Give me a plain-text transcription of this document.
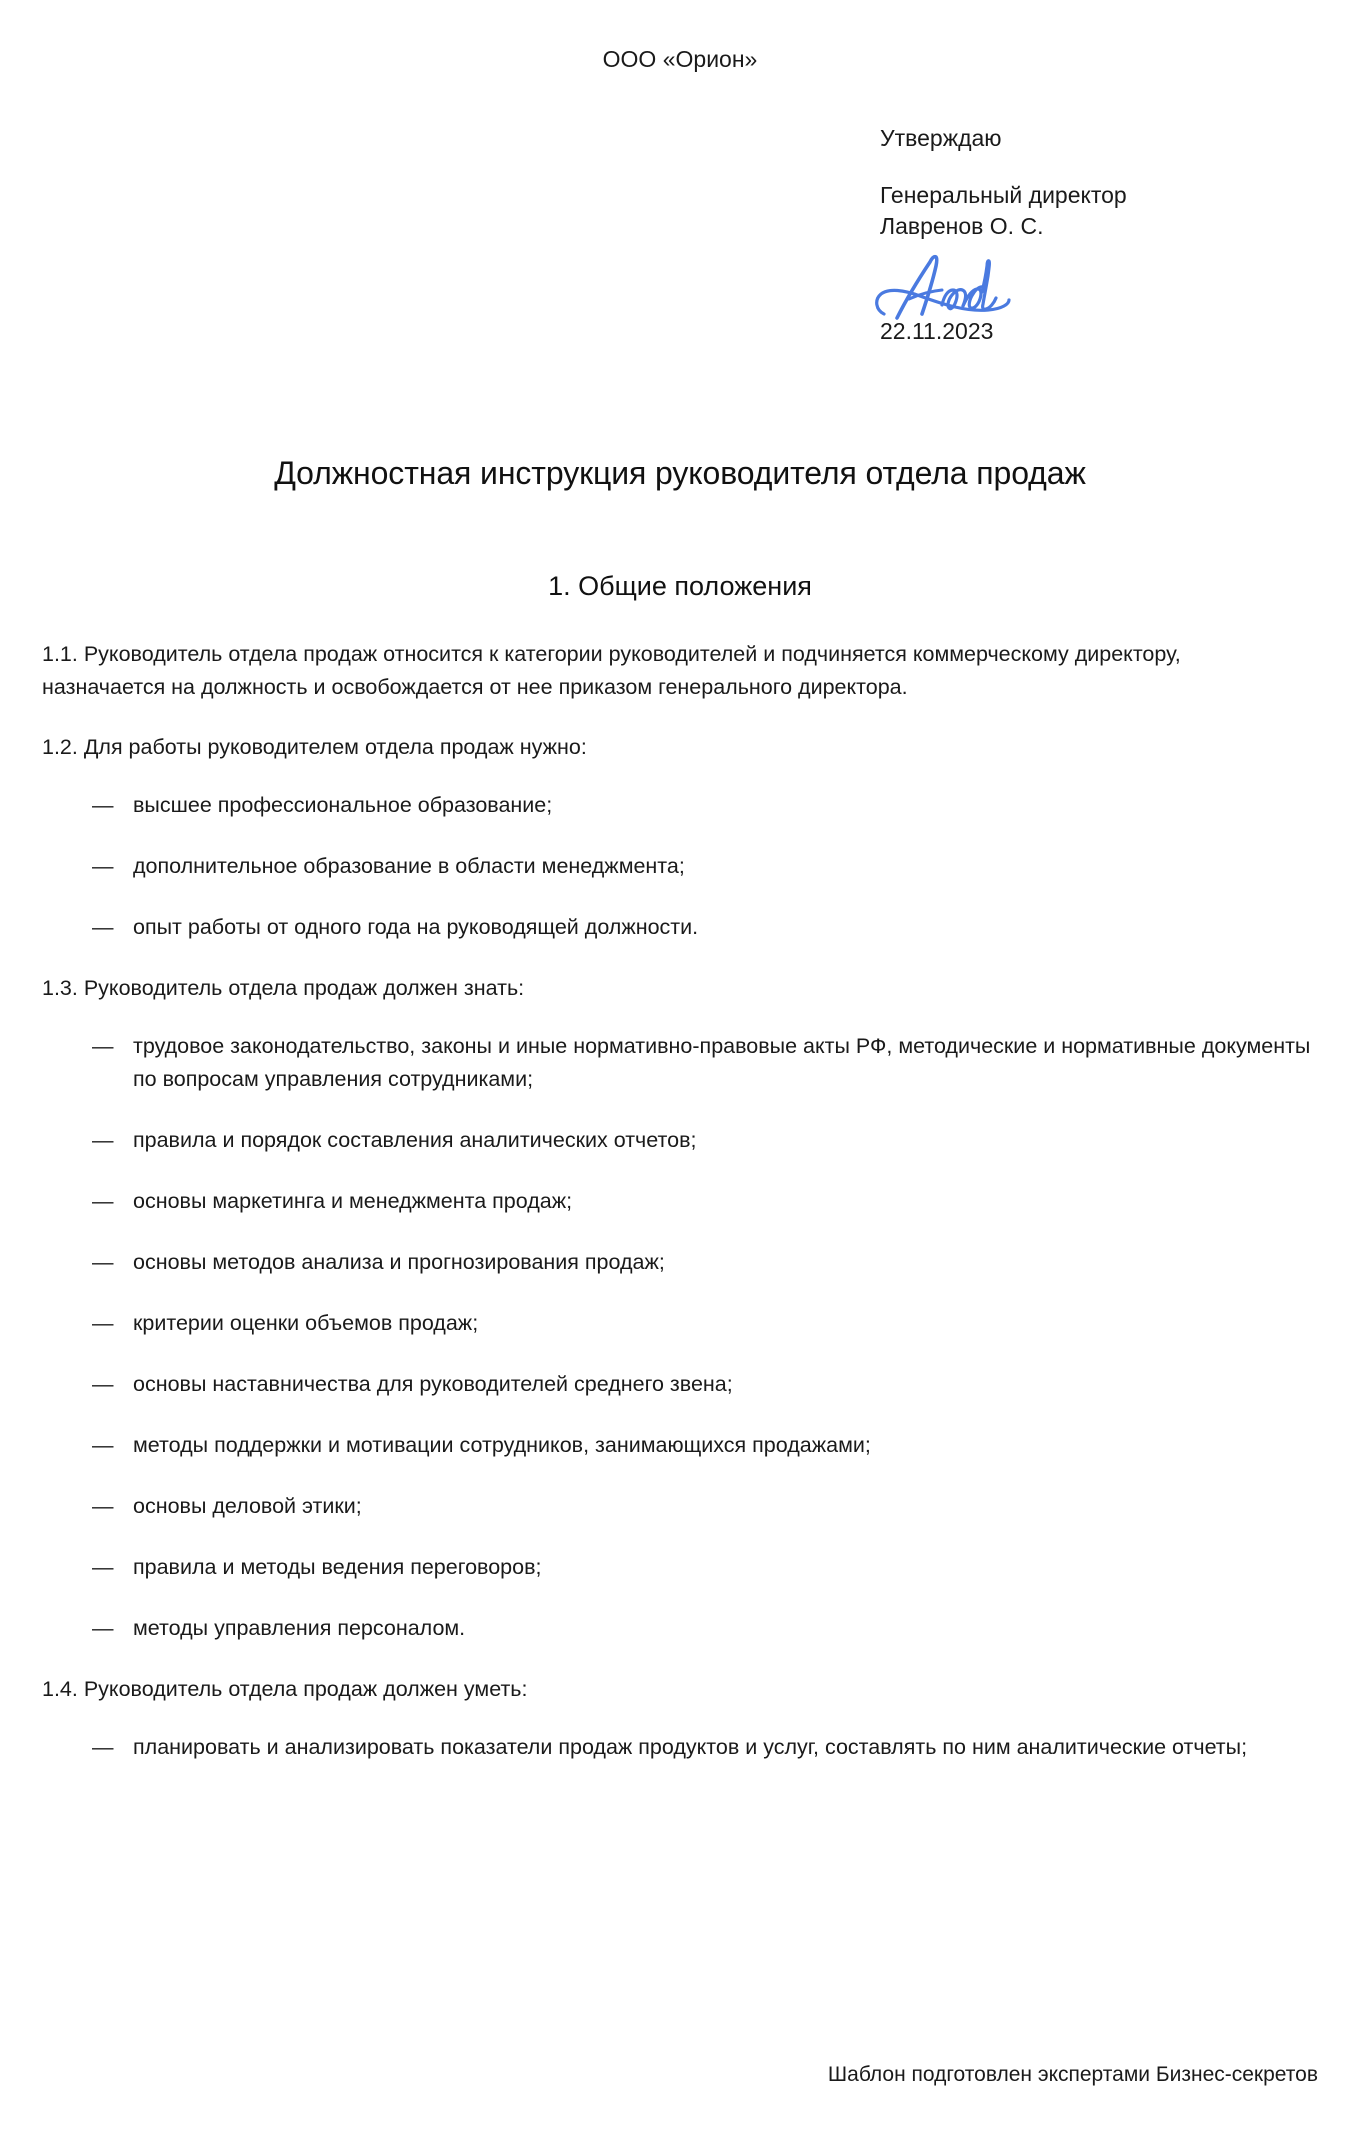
ООО «Орион»
Утверждаю
Генеральный директор
Лавренов О. С.
22.11.2023
Должностная инструкция руководителя отдела продаж
1. Общие положения

1.1. Руководитель отдела продаж относится к категории руководителей и подчиняется коммерческому директору, назначается на должность и освобождается от нее приказом генерального директора.

1.2. Для работы руководителем отдела продаж нужно:

— высшее профессиональное образование;
— дополнительное образование в области менеджмента;
— опыт работы от одного года на руководящей должности.

1.3. Руководитель отдела продаж должен знать:

— трудовое законодательство, законы и иные нормативно-правовые акты РФ, методические и нормативные документы по вопросам управления сотрудниками;
— правила и порядок составления аналитических отчетов;
— основы маркетинга и менеджмента продаж;
— основы методов анализа и прогнозирования продаж;
— критерии оценки объемов продаж;
— основы наставничества для руководителей среднего звена;
— методы поддержки и мотивации сотрудников, занимающихся продажами;
— основы деловой этики;
— правила и методы ведения переговоров;
— методы управления персоналом.

1.4. Руководитель отдела продаж должен уметь:

— планировать и анализировать показатели продаж продуктов и услуг, составлять по ним аналитические отчеты;
Шаблон подготовлен экспертами Бизнес-секретов
